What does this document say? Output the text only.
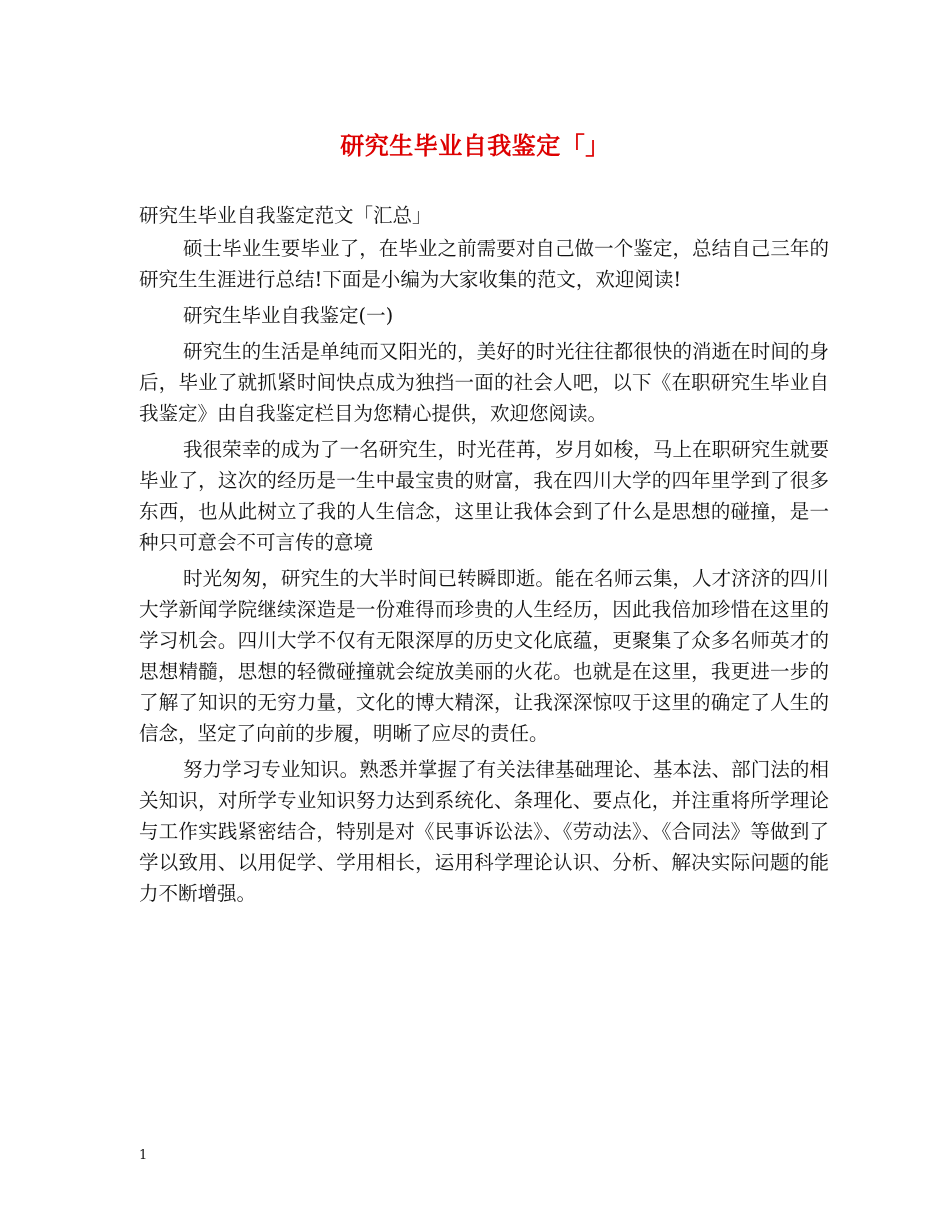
研究生毕业自我鉴定「」

研究生毕业自我鉴定范文「汇总」

硕士毕业生要毕业了，在毕业之前需要对自己做一个鉴定，总结自己三年的研究生生涯进行总结!下面是小编为大家收集的范文，欢迎阅读!

研究生毕业自我鉴定(一)

研究生的生活是单纯而又阳光的，美好的时光往往都很快的消逝在时间的身后，毕业了就抓紧时间快点成为独挡一面的社会人吧，以下《在职研究生毕业自我鉴定》由自我鉴定栏目为您精心提供，欢迎您阅读。

我很荣幸的成为了一名研究生，时光荏苒，岁月如梭，马上在职研究生就要毕业了，这次的经历是一生中最宝贵的财富，我在四川大学的四年里学到了很多东西，也从此树立了我的人生信念，这里让我体会到了什么是思想的碰撞，是一种只可意会不可言传的意境

时光匆匆，研究生的大半时间已转瞬即逝。能在名师云集，人才济济的四川大学新闻学院继续深造是一份难得而珍贵的人生经历，因此我倍加珍惜在这里的学习机会。四川大学不仅有无限深厚的历史文化底蕴，更聚集了众多名师英才的思想精髓，思想的轻微碰撞就会绽放美丽的火花。也就是在这里，我更进一步的了解了知识的无穷力量，文化的博大精深，让我深深惊叹于这里的确定了人生的信念，坚定了向前的步履，明晰了应尽的责任。

努力学习专业知识。熟悉并掌握了有关法律基础理论、基本法、部门法的相关知识，对所学专业知识努力达到系统化、条理化、要点化，并注重将所学理论与工作实践紧密结合，特别是对《民事诉讼法》、《劳动法》、《合同法》等做到了学以致用、以用促学、学用相长，运用科学理论认识、分析、解决实际问题的能力不断增强。

1
